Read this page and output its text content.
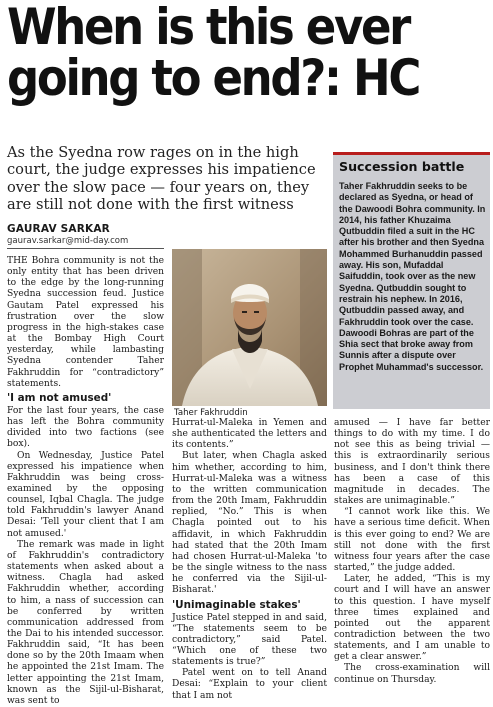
When is this ever
going to end?: HC
As the Syedna row rages on in the high court, the judge expresses his impatience over the slow pace — four years on, they are still not done with the first witness
GAURAV SARKAR
gaurav.sarkar@mid-day.com

THE Bohra community is not the only entity that has been driven to the edge by the long-running Syedna succession feud. Justice Gautam Patel expressed his frustration over the slow progress in the high-stakes case at the Bombay High Court yesterday, while lambasting Syedna contender Taher Fakhruddin for “contradictory” statements.

'I am not amused'

For the last four years, the case has left the Bohra community divided into two factions (see box).

On Wednesday, Justice Patel expressed his impatience when Fakhruddin was being cross-examined by the opposing counsel, Iqbal Chagla. The judge told Fakhruddin's lawyer Anand Desai: 'Tell your client that I am not amused.'

The remark was made in light of Fakhruddin's contradictory statements when asked about a witness. Chagla had asked Fakhruddin whether, according to him, a nass of succession can be conferred by written communication addressed from the Dai to his intended successor. Fakhruddin said, “It has been done so by the 20th Imaam when he appointed the 21st Imam. The letter appointing the 21st Imam, known as the Sijil-ul-Bisharat, was sent to

Taher Fakhruddin
Succession battle
Taher Fakhruddin seeks to be declared as Syedna, or head of the Dawoodi Bohra community. In 2014, his father Khuzaima Qutbuddin filed a suit in the HC after his brother and then Syedna Mohammed Burhanuddin passed away. His son, Mufaddal Saifuddin, took over as the new Syedna. Qutbuddin sought to restrain his nephew. In 2016, Qutbuddin passed away, and Fakhruddin took over the case. Dawoodi Bohras are part of the Shia sect that broke away from Sunnis after a dispute over Prophet Muhammad's successor.

Hurrat-ul-Maleka in Yemen and she authenticated the letters and its contents.”

But later, when Chagla asked him whether, according to him, Hurrat-ul-Maleka was a witness to the written communication from the 20th Imam, Fakhruddin replied, “No.” This is when Chagla pointed out to his affidavit, in which Fakhruddin had stated that the 20th Imam had chosen Hurrat-ul-Maleka 'to be the single witness to the nass he conferred via the Sijil-ul-Bisharat.'

'Unimaginable stakes'

Justice Patel stepped in and said, “The statements seem to be contradictory,” said Patel. “Which one of these two statements is true?”

Patel went on to tell Anand Desai: “Explain to your client that I am not

amused — I have far better things to do with my time. I do not see this as being trivial — this is extraordinarily serious business, and I don't think there has been a case of this magnitude in decades. The stakes are unimaginable.”

“I cannot work like this. We have a serious time deficit. When is this ever going to end? We are still not done with the first witness four years after the case started,” the judge added.

Later, he added, “This is my court and I will have an answer to this question. I have myself three times explained and pointed out the apparent contradiction between the two statements, and I am unable to get a clear answer.”

The cross-examination will continue on Thursday.
